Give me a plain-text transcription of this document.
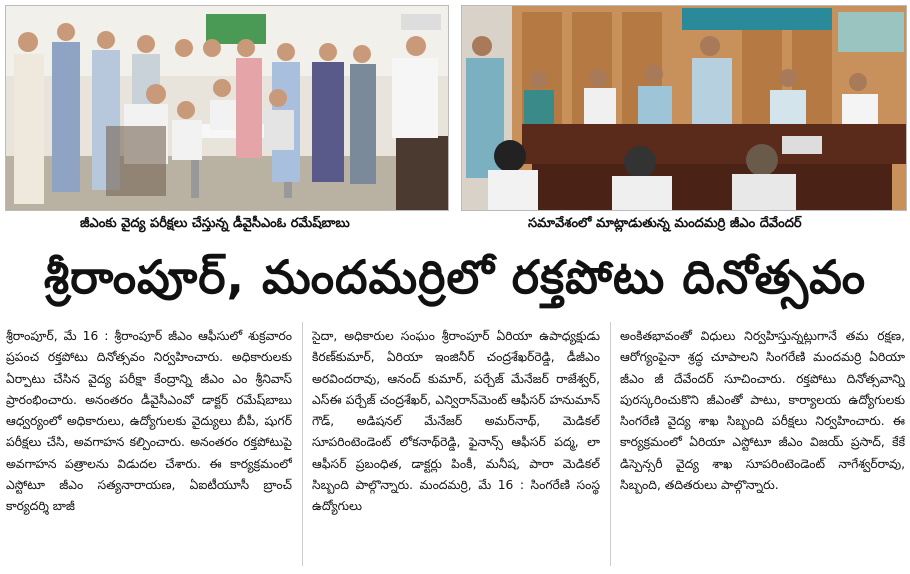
జీఎంకు వైద్య పరీక్షలు చేస్తున్న డీవైసీఎంఓ రమేష్‌బాబు	సమావేశంలో మాట్లాడుతున్న మందమర్రి జీఎం దేవేందర్
శ్రీరాంపూర్, మందమర్రిలో రక్తపోటు దినోత్సవం

శ్రీరాంపూర్, మే 16 : శ్రీరాంపూర్ జీఎం ఆఫీసులో శుక్రవారం ప్రపంచ రక్తపోటు దినోత్సవం నిర్వహించారు. అధికారులకు ఏర్పాటు చేసిన వైద్య పరీక్షా కేంద్రాన్ని జీఎం ఎం శ్రీనివాస్ ప్రారంభించారు. అనంతరం డీవైసీఎంవో డాక్టర్ రమేష్‌బాబు ఆధ్వర్యంలో అధికారులు, ఉద్యోగులకు వైద్యులు బీపీ, షుగర్ పరీక్షలు చేసి, అవగాహన కల్పించారు. అనంతరం రక్తపోటుపై అవగాహన పత్రాలను విడుదల చేశారు. ఈ కార్యక్రమంలో ఎస్టోటూ జీఎం సత్యనారాయణ, ఏఐటీయూసీ బ్రాంచ్ కార్యదర్శి బాజీ

సైదా, అధికారుల సంఘం శ్రీరాంపూర్ ఏరియా ఉపాధ్యక్షుడు కిరణ్‌కుమార్, ఏరియా ఇంజినీర్ చంద్రశేఖర్‌రెడ్డి, డీజీఎం అరవిందరావు, ఆనంద్ కుమార్, పర్చేజ్ మేనేజర్ రాజేశ్వర్, ఎస్ఈ పర్చేజ్ చంద్రశేఖర్, ఎన్విరాన్‌మెంట్ ఆఫీసర్ హనుమాన్ గౌడ్, అడిషనల్ మేనేజర్ అమర్‌నాథ్, మెడికల్ సూపరింటెండెంట్ లోకనాథ్‌రెడ్డి, ఫైనాన్స్ ఆఫీసర్ పద్మ, లా ఆఫీసర్ ప్రబంధిత, డాక్టర్లు పింకీ, మనీష, పారా మెడికల్ సిబ్బంది పాల్గొన్నారు. మందమర్రి, మే 16 : సింగరేణి సంస్థ ఉద్యోగులు

అంకితభావంతో విధులు నిర్వహిస్తున్నట్లుగానే తమ రక్షణ, ఆరోగ్యంపైనా శ్రద్ధ చూపాలని సింగరేణి మందమర్రి ఏరియా జీఎం జీ దేవేందర్ సూచించారు. రక్తపోటు దినోత్సవాన్ని పురస్కరించుకొని జీఎంతో పాటు, కార్యాలయ ఉద్యోగులకు సింగరేణి వైద్య శాఖ సిబ్బంది పరీక్షలు నిర్వహించారు. ఈ కార్యక్రమంలో ఏరియా ఎస్టోటూ జీఎం విజయ్ ప్రసాద్, కేకే డిస్పెన్సరీ వైద్య శాఖ సూపరింటెండెంట్ నాగేశ్వర్‌రావు, సిబ్బంది, తదితరులు పాల్గొన్నారు.
